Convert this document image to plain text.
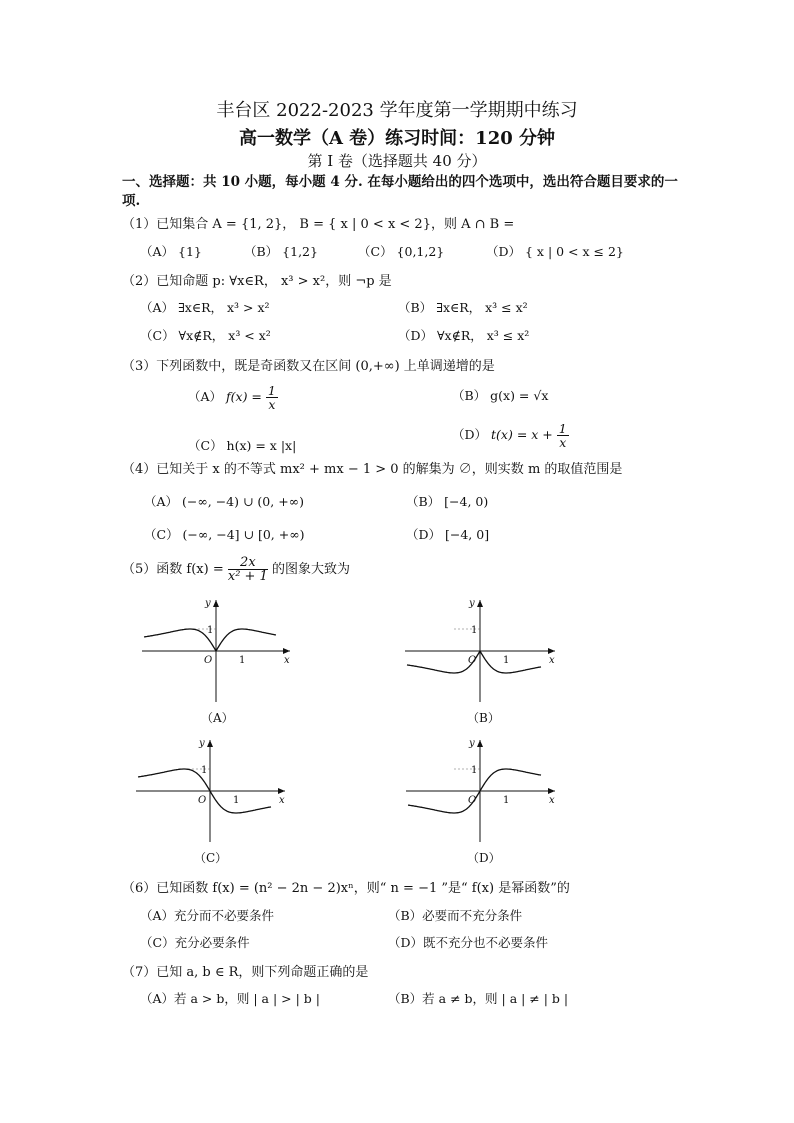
丰台区 2022-2023 学年度第一学期期中练习
高一数学（A 卷）练习时间：120 分钟
第 I 卷（选择题共 40 分）
一、选择题：共 10 小题，每小题 4 分. 在每小题给出的四个选项中，选出符合题目要求的一项.
（1）已知集合 A = {1, 2}， B = { x | 0 < x < 2}，则 A ∩ B =
（A） {1}	（B） {1,2}	（C） {0,1,2}	（D） { x | 0 < x ≤ 2}
（2）已知命题 p: ∀x∈R， x³ > x²，则 ¬p 是
（A） ∃x∈R， x³ > x²	（B） ∃x∈R， x³ ≤ x²
（C） ∀x∉R， x³ < x²	（D） ∀x∉R， x³ ≤ x²
（3）下列函数中，既是奇函数又在区间 (0,+∞) 上单调递增的是
（A） $f(x) = \frac{1}{x}$	（B） g(x) = √x
（C） h(x) = x |x|
（D） $t(x) = x + \frac{1}{x}$
（4）已知关于 x 的不等式 mx² + mx − 1 > 0 的解集为 ∅，则实数 m 的取值范围是
（A） (−∞, −4) ∪ (0, +∞)	（B） [−4, 0)
（C） (−∞, −4] ∪ [0, +∞)	（D） [−4, 0]
（5）函数 $f(x) = \frac{2x}{\text{x² + 1}}$ 的图象大致为
y
x
O
1
1
（A）
y
x
O
1
1
（B）
y
x
O
1
1
（C）
y
x
O
1
1
（D）
（6）已知函数 f(x) = (n² − 2n − 2)xⁿ，则“ n = −1 ”是“ f(x) 是幂函数”的
（A）充分而不必要条件	（B）必要而不充分条件
（C）充分必要条件	（D）既不充分也不必要条件
（7）已知 a, b ∈ R，则下列命题正确的是
（A）若 a > b，则 | a | > | b |	（B）若 a ≠ b，则 | a | ≠ | b |
